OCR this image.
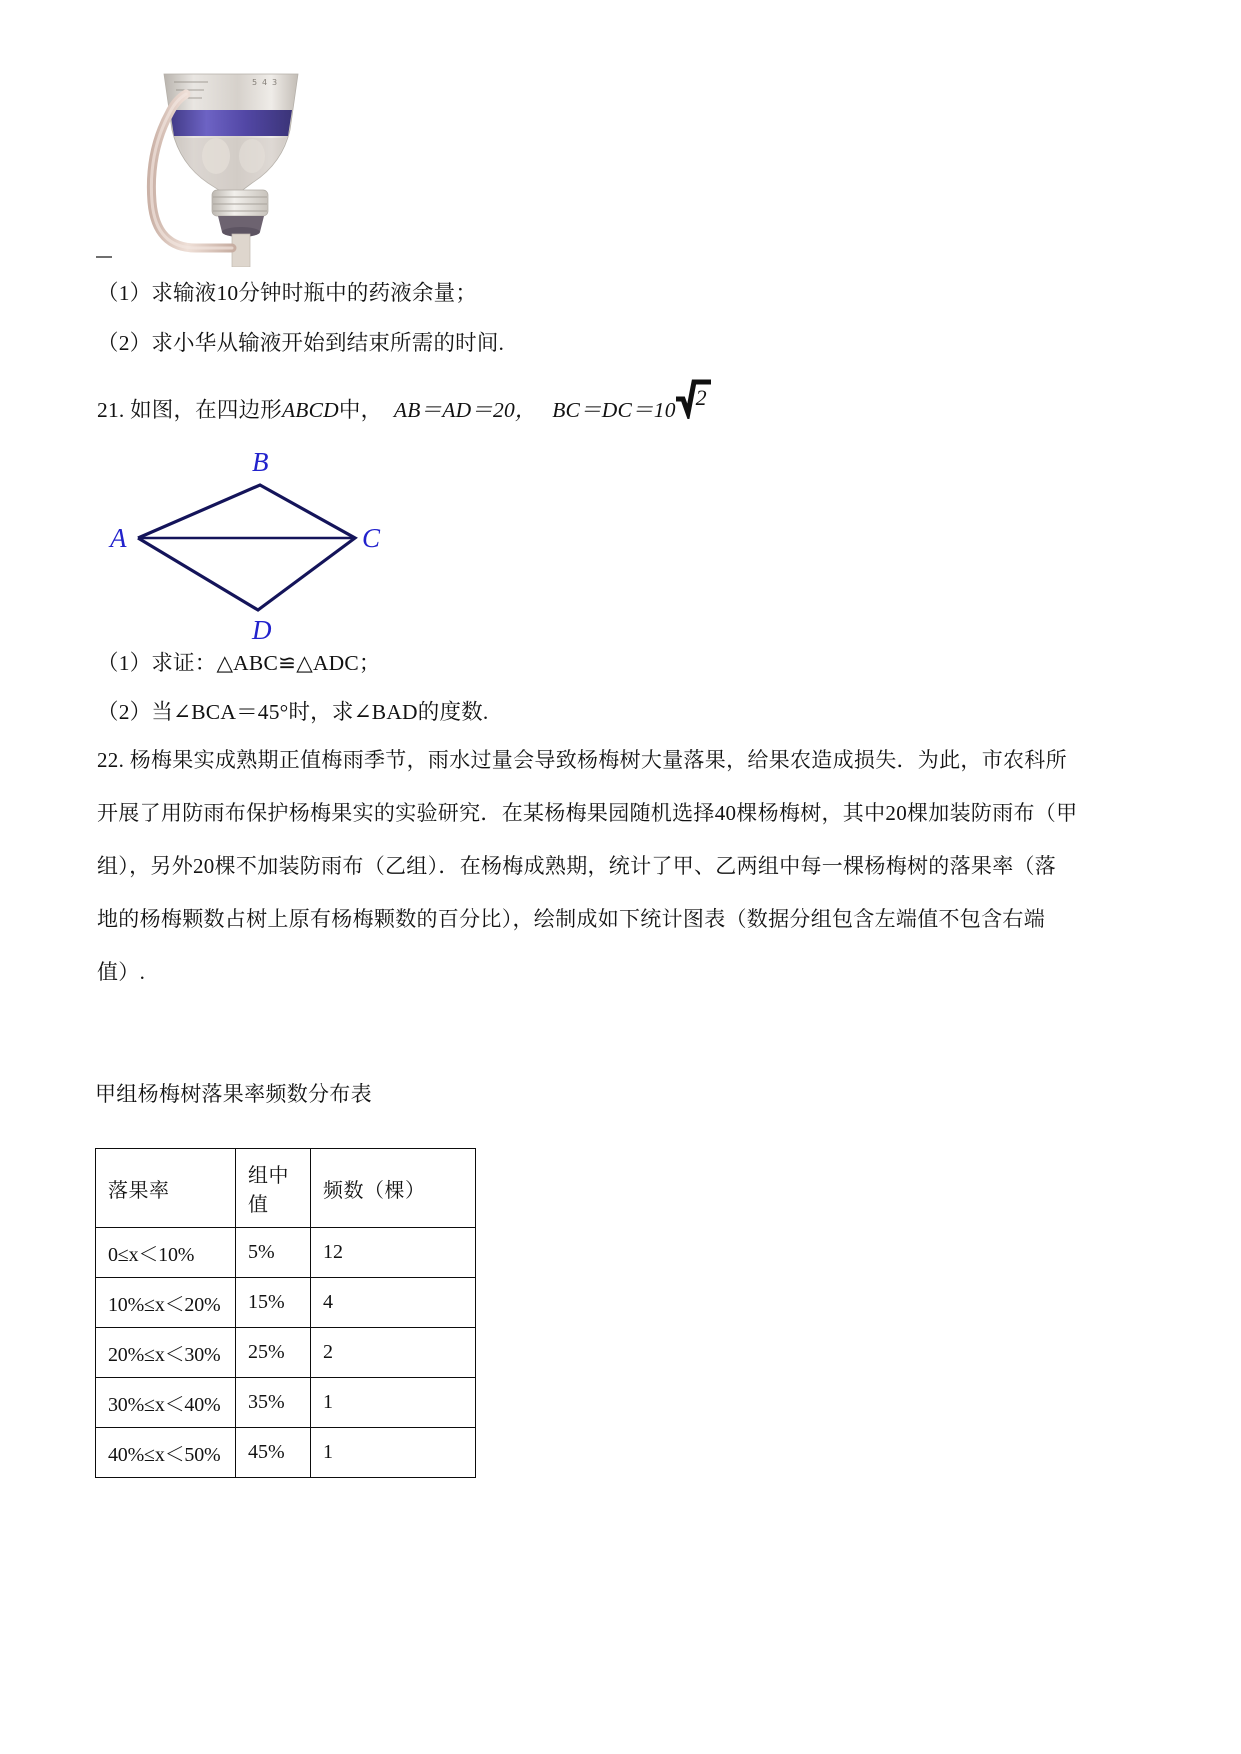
5 4 3
（1）求输液10分钟时瓶中的药液余量；
（2）求小华从输液开始到结束所需的时间.
21. 如图，在四边形ABCD中， AB＝AD＝20， BC＝DC＝10 2
B
A	C
D
（1）求证：△ABC≌△ADC；
（2）当∠BCA＝45°时，求∠BAD的度数.
22. 杨梅果实成熟期正值梅雨季节，雨水过量会导致杨梅树大量落果，给果农造成损失．为此，市农科所
开展了用防雨布保护杨梅果实的实验研究．在某杨梅果园随机选择40棵杨梅树，其中20棵加装防雨布（甲
组），另外20棵不加装防雨布（乙组）．在杨梅成熟期，统计了甲、乙两组中每一棵杨梅树的落果率（落
地的杨梅颗数占树上原有杨梅颗数的百分比），绘制成如下统计图表（数据分组包含左端值不包含右端
值）.
甲组杨梅树落果率频数分布表
落果率	组中值	频数（棵）
0≤x＜10%	5%	12
10%≤x＜20%	15%	4
20%≤x＜30%	25%	2
30%≤x＜40%	35%	1
40%≤x＜50%	45%	1
